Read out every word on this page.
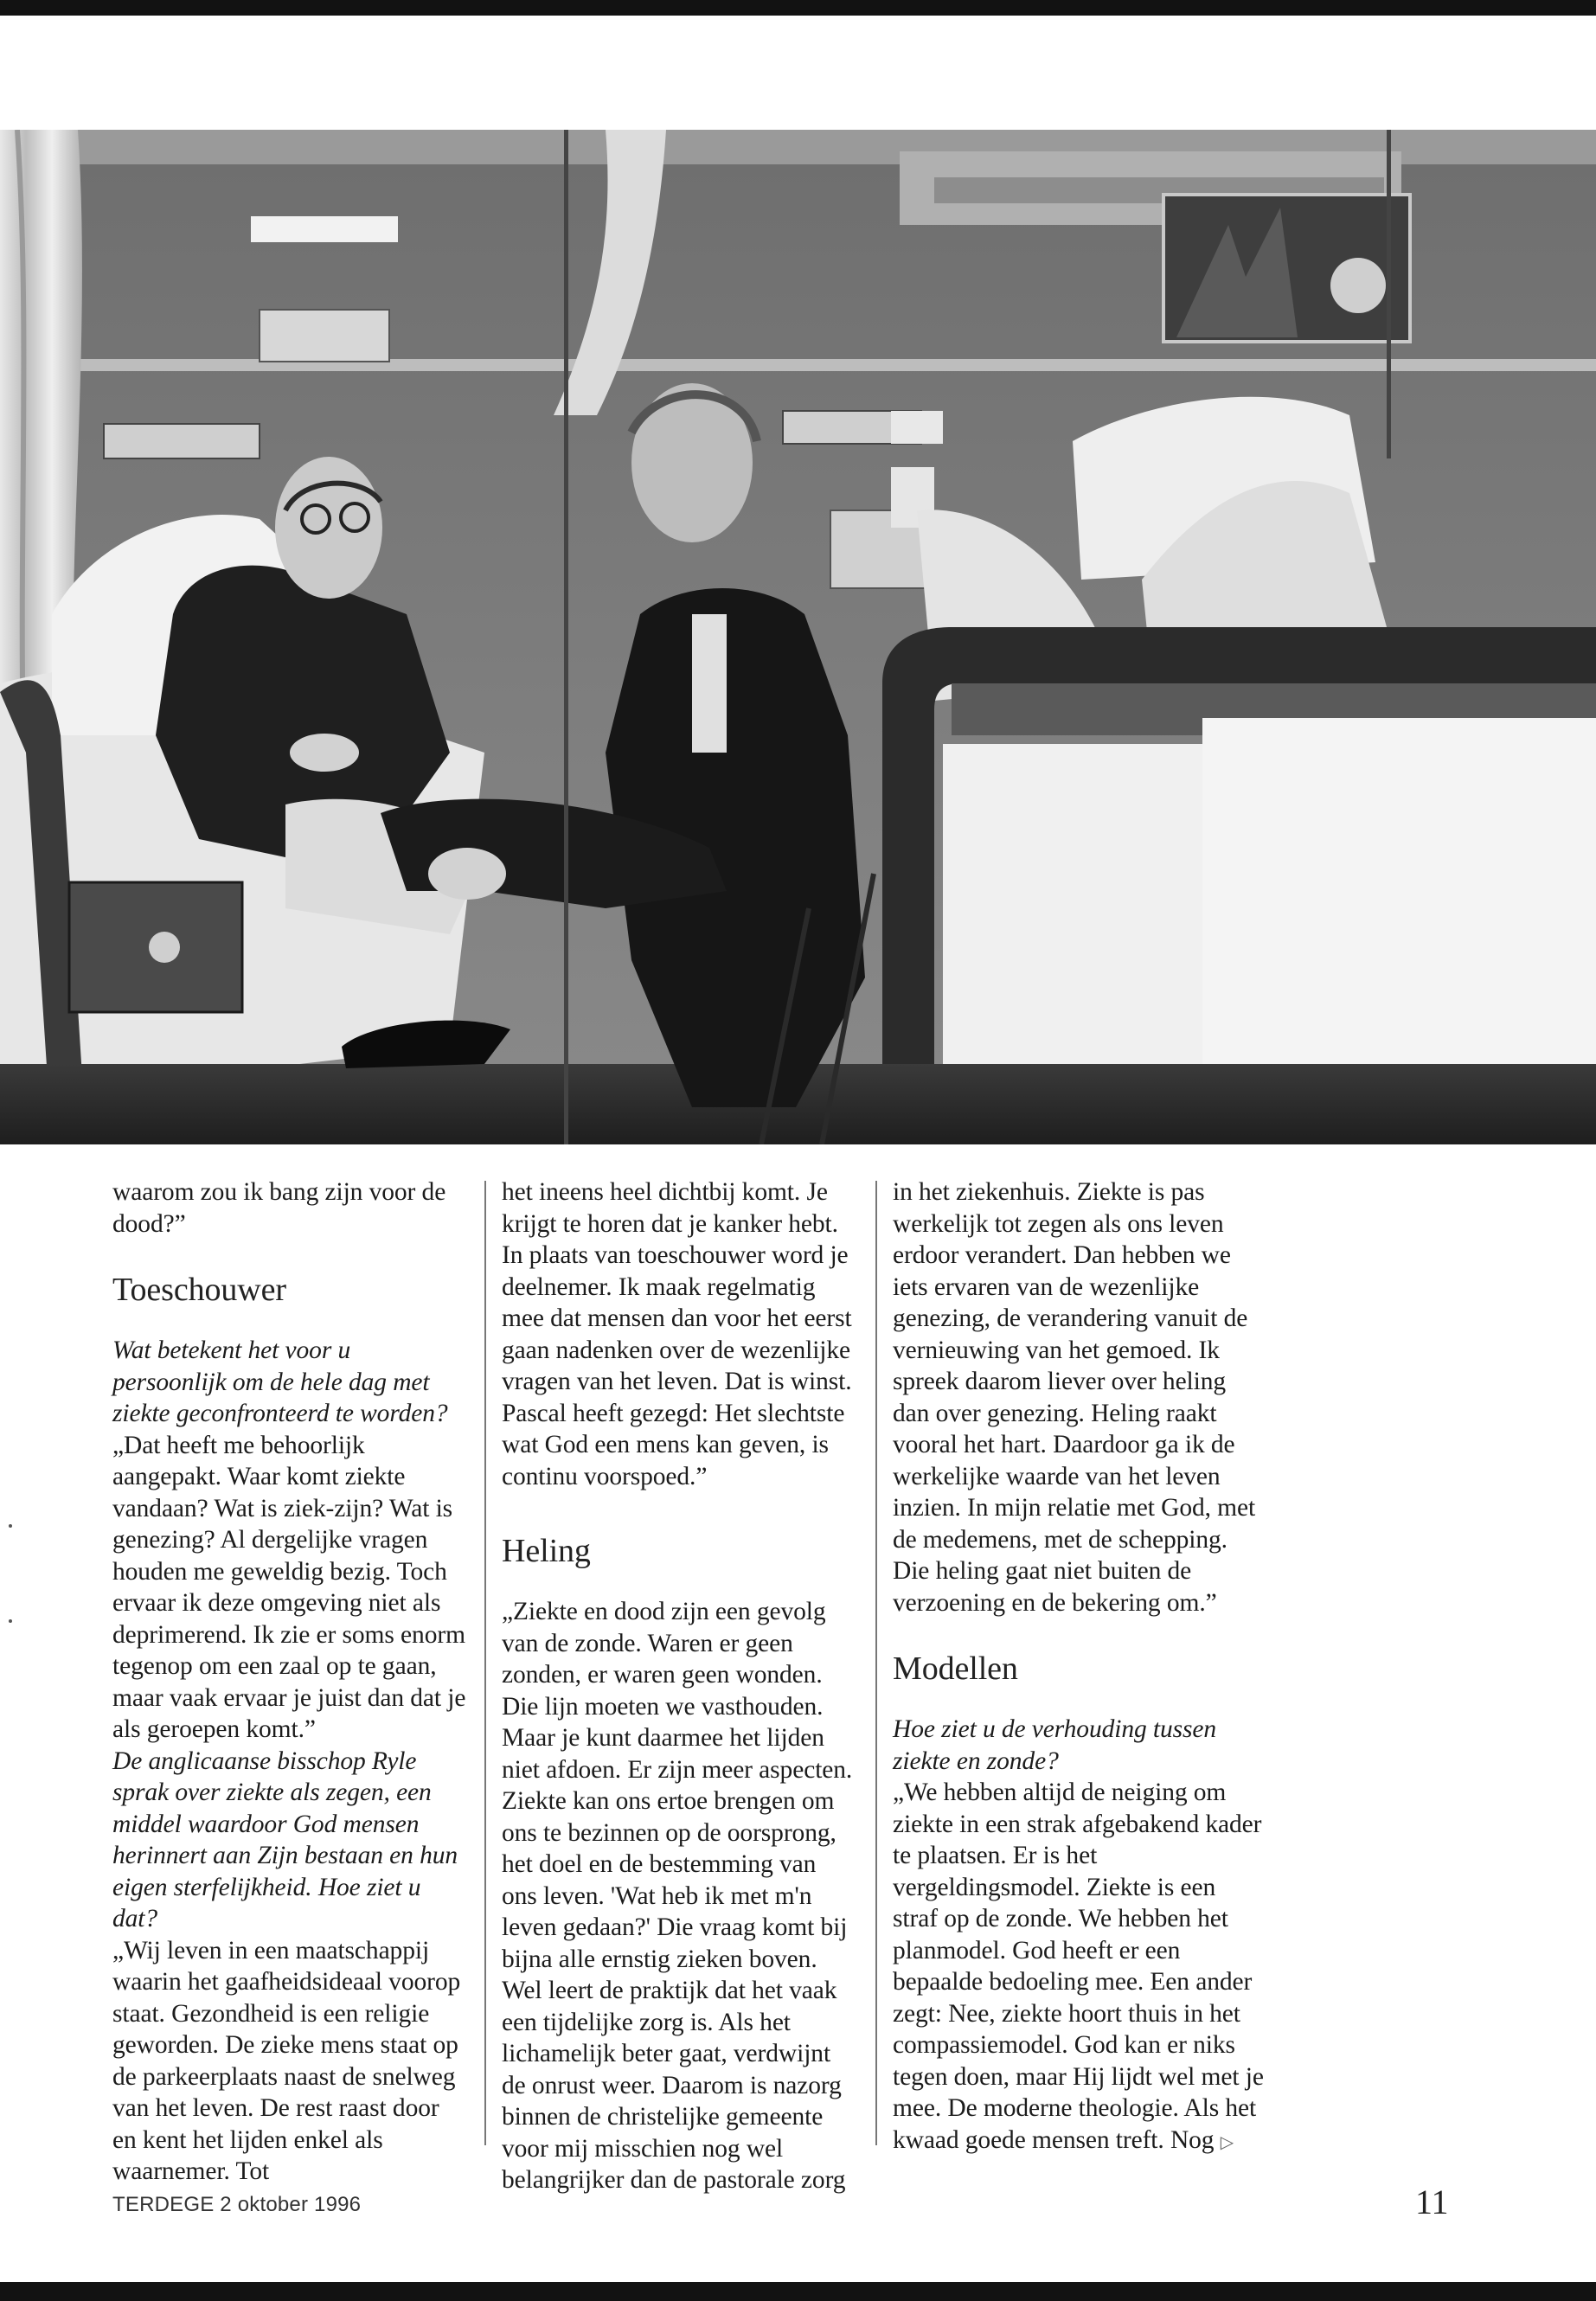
waarom zou ik bang zijn voor de dood?”

Toeschouwer

Wat betekent het voor u persoonlijk om de hele dag met ziekte geconfronteerd te worden?

„Dat heeft me behoorlijk aangepakt. Waar komt ziekte vandaan? Wat is ziek-zijn? Wat is genezing? Al dergelijke vragen houden me geweldig bezig. Toch ervaar ik deze omgeving niet als deprimerend. Ik zie er soms enorm tegenop om een zaal op te gaan, maar vaak ervaar je juist dan dat je als geroepen komt.”

De anglicaanse bisschop Ryle sprak over ziekte als zegen, een middel waardoor God mensen herinnert aan Zijn bestaan en hun eigen sterfelijkheid. Hoe ziet u dat?

„Wij leven in een maatschappij waarin het gaafheidsideaal voorop staat. Gezondheid is een religie geworden. De zieke mens staat op de parkeerplaats naast de snelweg van het leven. De rest raast door en kent het lijden enkel als waarnemer. Tot

het ineens heel dichtbij komt. Je krijgt te horen dat je kanker hebt. In plaats van toeschouwer word je deelnemer. Ik maak regelmatig mee dat mensen dan voor het eerst gaan nadenken over de wezenlijke vragen van het leven. Dat is winst. Pascal heeft gezegd: Het slechtste wat God een mens kan geven, is continu voorspoed.”

Heling

„Ziekte en dood zijn een gevolg van de zonde. Waren er geen zonden, er waren geen wonden. Die lijn moeten we vasthouden. Maar je kunt daarmee het lijden niet afdoen. Er zijn meer aspecten. Ziekte kan ons ertoe brengen om ons te bezinnen op de oorsprong, het doel en de bestemming van ons leven. 'Wat heb ik met m'n leven gedaan?' Die vraag komt bij bijna alle ernstig zieken boven. Wel leert de praktijk dat het vaak een tijdelijke zorg is. Als het lichamelijk beter gaat, verdwijnt de onrust weer. Daarom is nazorg binnen de christelijke gemeente voor mij misschien nog wel belangrijker dan de pastorale zorg

in het ziekenhuis. Ziekte is pas werkelijk tot zegen als ons leven erdoor verandert. Dan hebben we iets ervaren van de wezenlijke genezing, de verandering vanuit de vernieuwing van het gemoed. Ik spreek daarom liever over heling dan over genezing. Heling raakt vooral het hart. Daardoor ga ik de werkelijke waarde van het leven inzien. In mijn relatie met God, met de medemens, met de schepping. Die heling gaat niet buiten de verzoening en de bekering om.”

Modellen

Hoe ziet u de verhouding tussen ziekte en zonde?

„We hebben altijd de neiging om ziekte in een strak afgebakend kader te plaatsen. Er is het vergeldingsmodel. Ziekte is een straf op de zonde. We hebben het planmodel. God heeft er een bepaalde bedoeling mee. Een ander zegt: Nee, ziekte hoort thuis in het compassiemodel. God kan er niks tegen doen, maar Hij lijdt wel met je mee. De moderne theologie. Als het kwaad goede mensen treft. Nog ▷

TERDEGE 2 oktober 1996	11
